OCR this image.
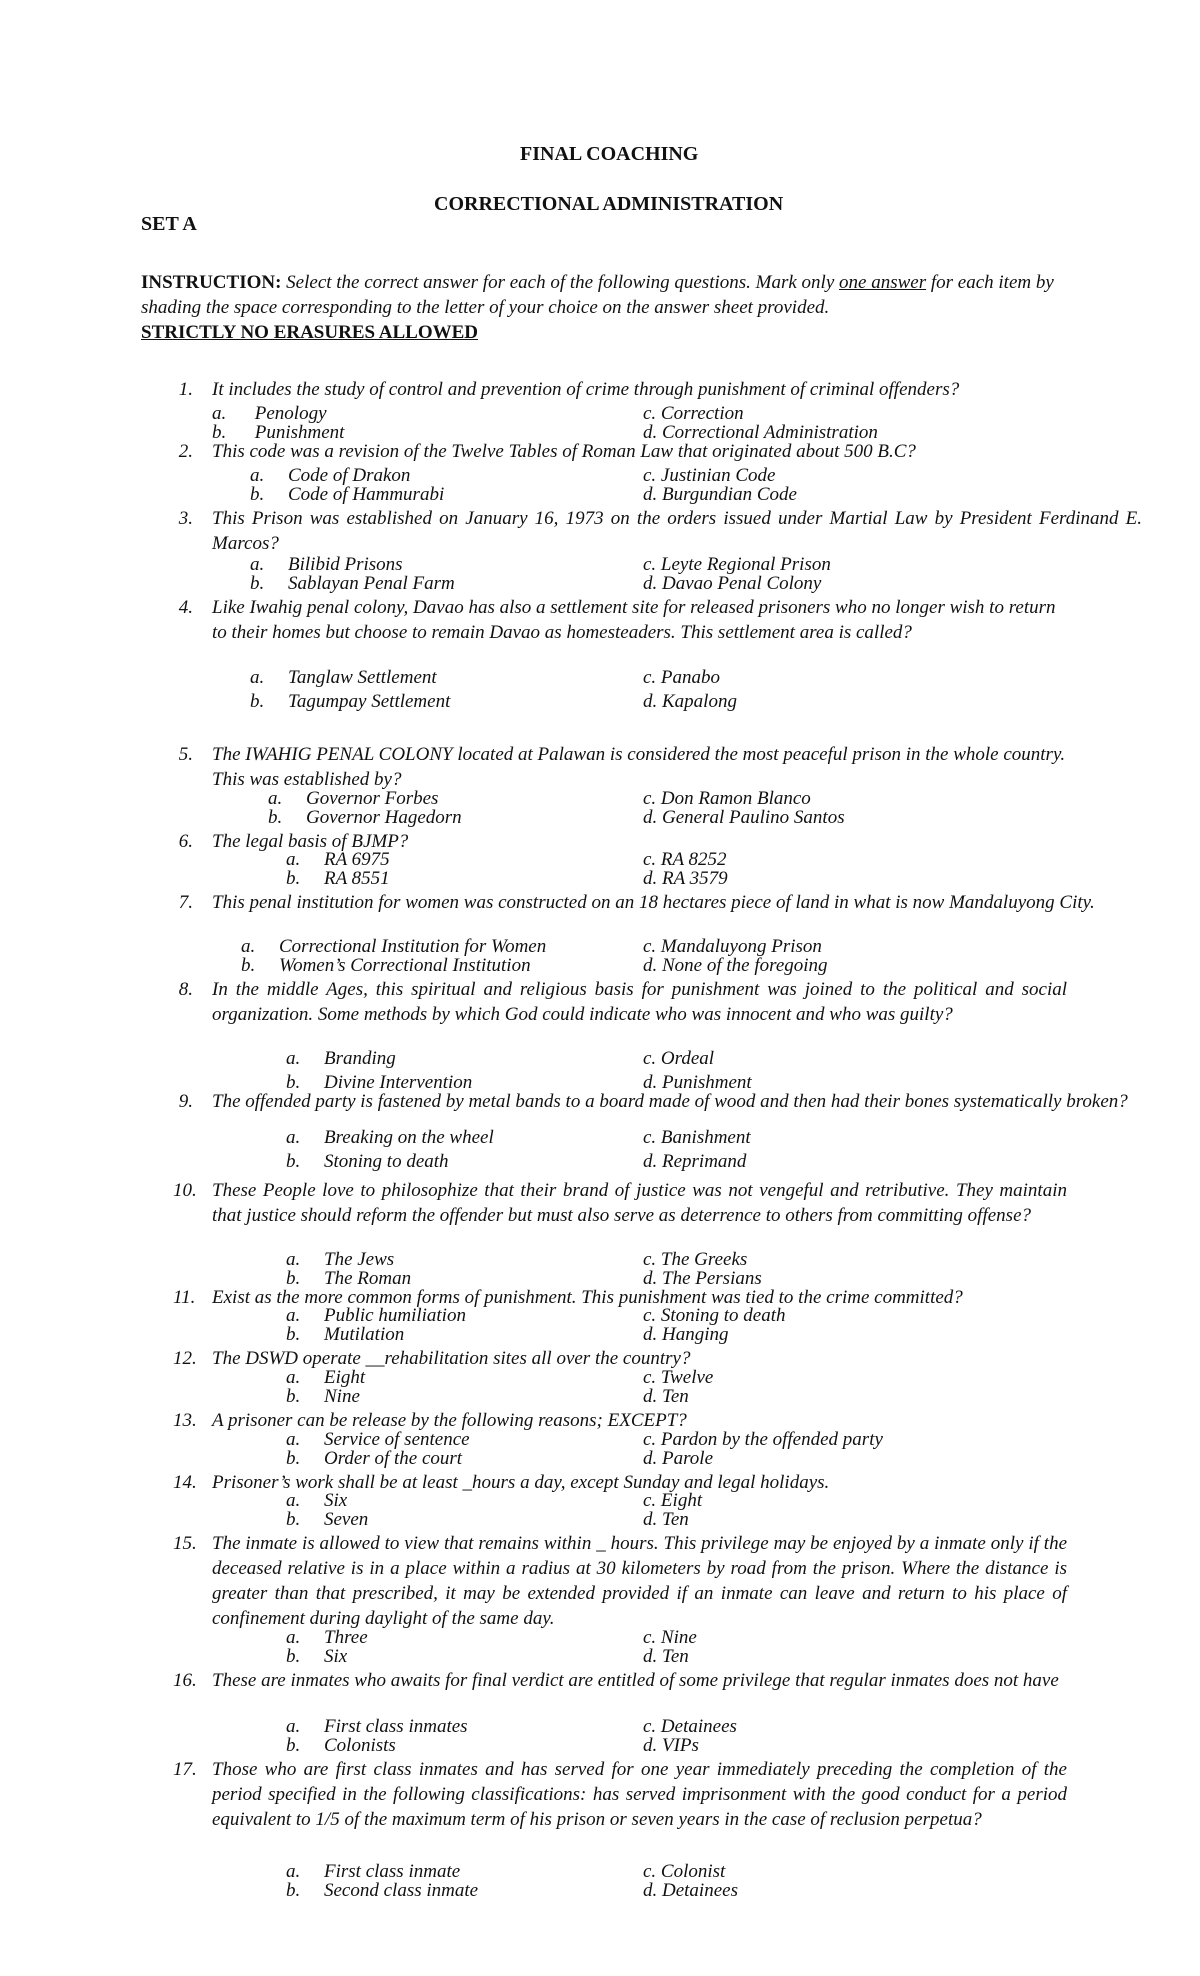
FINAL COACHING
CORRECTIONAL ADMINISTRATION
SET A
INSTRUCTION: Select the correct answer for each of the following questions. Mark only one answer for each item by shading the space corresponding to the letter of your choice on the answer sheet provided.
STRICTLY NO ERASURES ALLOWED
1. It includes the study of control and prevention of crime through punishment of criminal offenders?
a.      Penology
b.      Punishment
c. Correction
d. Correctional Administration
2. This code was a revision of the Twelve Tables of Roman Law that originated about 500 B.C?
a.     Code of Drakon
b.     Code of Hammurabi
c. Justinian Code
d. Burgundian Code
3. This Prison was established on January 16, 1973 on the orders issued under Martial Law by President Ferdinand E. Marcos?
a.     Bilibid Prisons
b.     Sablayan Penal Farm
c. Leyte Regional Prison
d. Davao Penal Colony
4. Like Iwahig penal colony, Davao has also a settlement site for released prisoners who no longer wish to return to their homes but choose to remain Davao as homesteaders. This settlement area is called?
a.     Tanglaw Settlement
b.     Tagumpay Settlement
c. Panabo
d. Kapalong
5. The IWAHIG PENAL COLONY located at Palawan is considered the most peaceful prison in the whole country. This was established by?
a.     Governor Forbes
b.     Governor Hagedorn
c. Don Ramon Blanco
d. General Paulino Santos
6. The legal basis of BJMP?
a.     RA 6975
b.     RA 8551
c. RA 8252
d. RA 3579
7. This penal institution for women was constructed on an 18 hectares piece of land in what is now Mandaluyong City.
a.     Correctional Institution for Women
b.     Women’s Correctional Institution
c. Mandaluyong Prison
d. None of the foregoing
8. In the middle Ages, this spiritual and religious basis for punishment was joined to the political and social organization. Some methods by which God could indicate who was innocent and who was guilty?
a.     Branding
b.     Divine Intervention
c. Ordeal
d. Punishment
9. The offended party is fastened by metal bands to a board made of wood and then had their bones systematically broken?
a.     Breaking on the wheel
b.     Stoning to death
c. Banishment
d. Reprimand
10. These People love to philosophize that their brand of justice was not vengeful and retributive. They maintain that justice should reform the offender but must also serve as deterrence to others from committing offense?
a.     The Jews
b.     The Roman
c. The Greeks
d. The Persians
11. Exist as the more common forms of punishment. This punishment was tied to the crime committed?
a.     Public humiliation
b.     Mutilation
c. Stoning to death
d. Hanging
12. The DSWD operate __rehabilitation sites all over the country?
a.     Eight
b.     Nine
c. Twelve
d. Ten
13. A prisoner can be release by the following reasons; EXCEPT?
a.     Service of sentence
b.     Order of the court
c. Pardon by the offended party
d. Parole
14. Prisoner’s work shall be at least _hours a day, except Sunday and legal holidays.
a.     Six
b.     Seven
c. Eight
d. Ten
15. The inmate is allowed to view that remains within _ hours. This privilege may be enjoyed by a inmate only if the deceased relative is in a place within a radius at 30 kilometers by road from the prison. Where the distance is greater than that prescribed, it may be extended provided if an inmate can leave and return to his place of confinement during daylight of the same day.
a.     Three
b.     Six
c. Nine
d. Ten
16. These are inmates who awaits for final verdict are entitled of some privilege that regular inmates does not have
a.     First class inmates
b.     Colonists
c. Detainees
d. VIPs
17. Those who are first class inmates and has served for one year immediately preceding the completion of the period specified in the following classifications: has served imprisonment with the good conduct for a period equivalent to 1/5 of the maximum term of his prison or seven years in the case of reclusion perpetua?
a.     First class inmate
b.     Second class inmate
c. Colonist
d. Detainees
